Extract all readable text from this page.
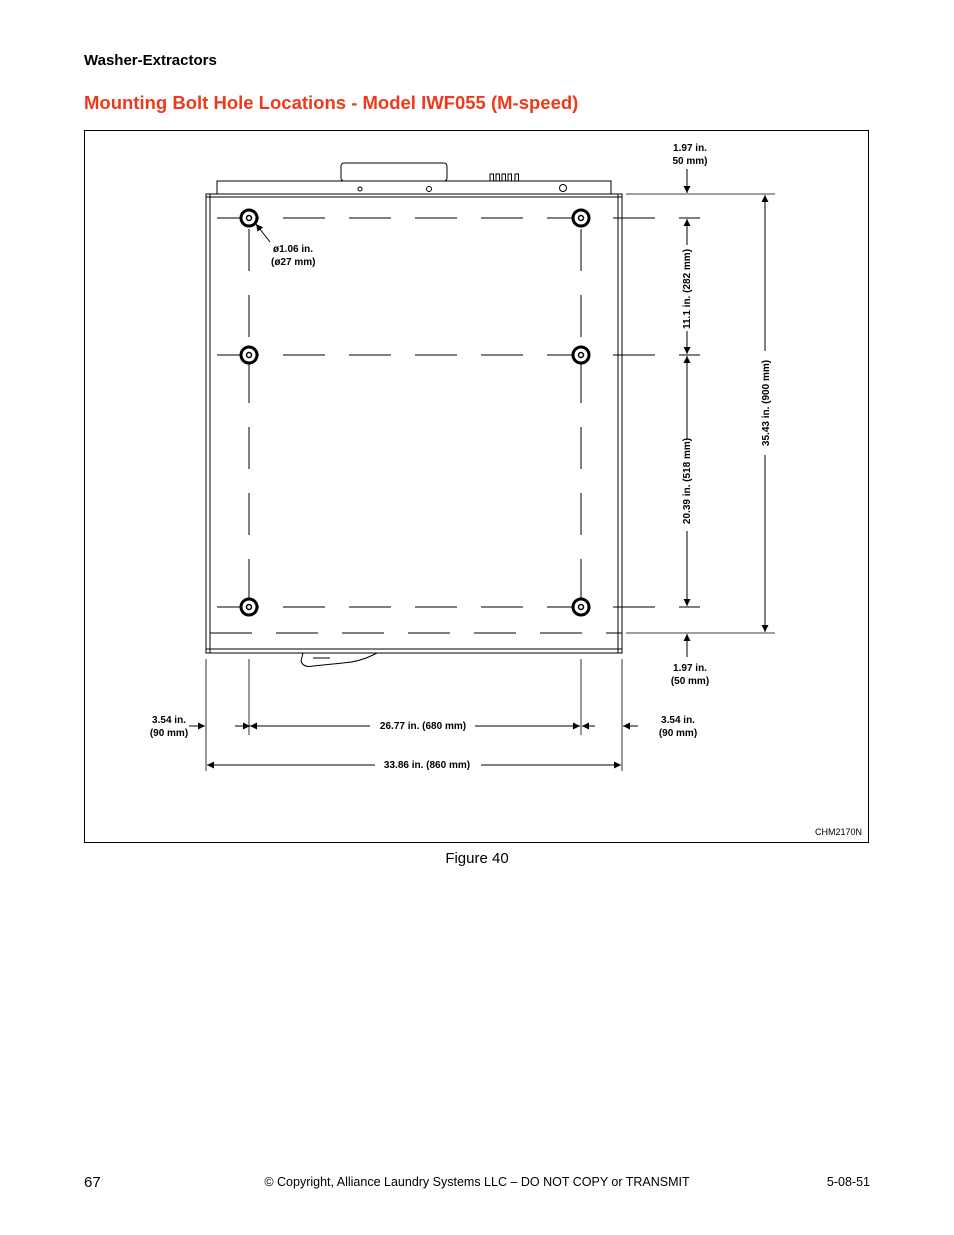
Washer-Extractors
Mounting Bolt Hole Locations - Model IWF055 (M-speed)
1.97 in.
50 mm)
ø1.06 in.
(ø27 mm)	11.1 in. (282 mm)
20.39 in. (518 mm)
35.43 in. (900 mm)
1.97 in.
(50 mm)
3.54 in.
(90 mm)
26.77 in. (680 mm)
3.54 in.
(90 mm)
33.86 in. (860 mm)
CHM2170N
Figure 40
67	© Copyright, Alliance Laundry Systems LLC – DO NOT COPY or TRANSMIT	5-08-51
